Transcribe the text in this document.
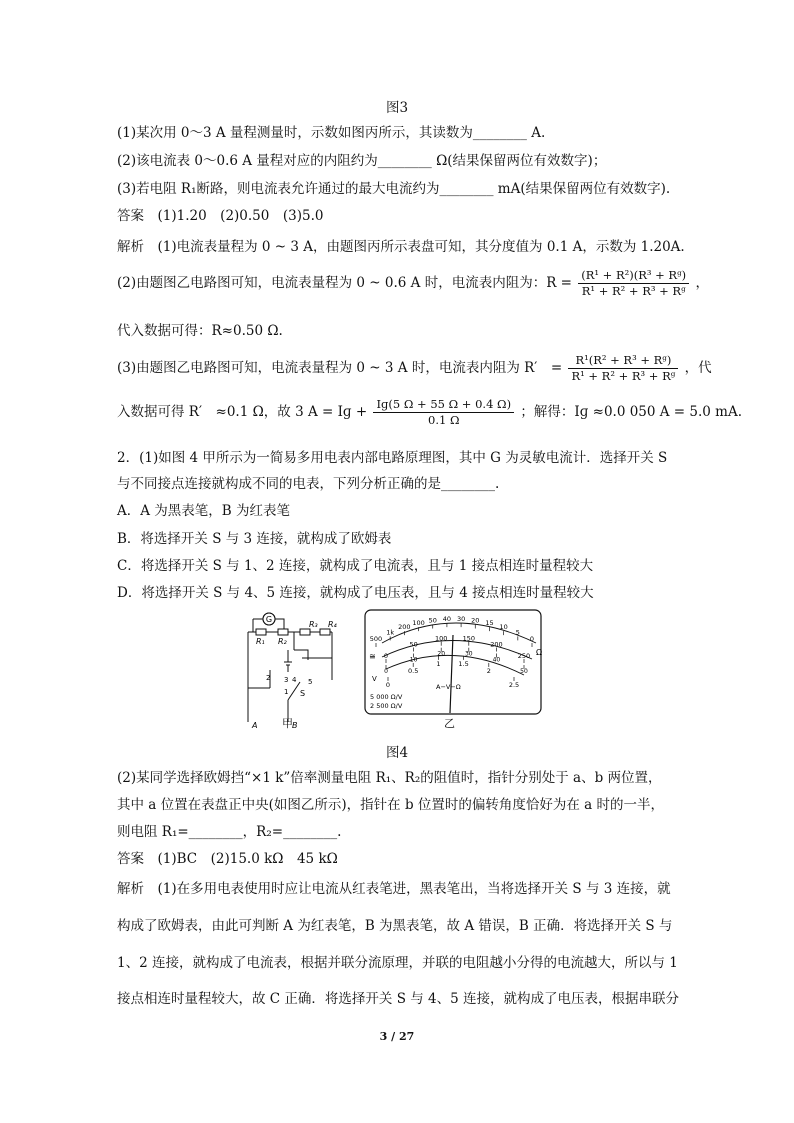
图3
(1)某次用 0～3 A 量程测量时，示数如图丙所示，其读数为________ A.
(2)该电流表 0～0.6 A 量程对应的内阻约为________ Ω(结果保留两位有效数字)；
(3)若电阻 R₁断路，则电流表允许通过的最大电流约为________ mA(结果保留两位有效数字).
答案　(1)1.20　(2)0.50　(3)5.0
解析　(1)电流表量程为 0 ~ 3 A，由题图丙所示表盘可知，其分度值为 0.1 A，示数为 1.20A.
(2)由题图乙电路图可知，电流表量程为 0 ~ 0.6 A 时，电流表内阻为：$R = \frac{\text{(R¹ + R²)(R³ + Rᵍ)}}{\text{R¹ + R² + R³ + Rᵍ}}$ ，
代入数据可得：R≈0.50 Ω.
(3)由题图乙电路图可知，电流表量程为 0 ~ 3 A 时，电流表内阻为 R′　= $\frac{\text{R¹(R² + R³ + Rᵍ)}}{\text{R¹ + R² + R³ + Rᵍ}}$ ，代
入数据可得 R′　≈0.1 Ω，故 3 A = Iɡ + $\frac{\text{Iɡ(5 Ω + 55 Ω + 0.4 Ω)}}{0.1 \Omega}$ ；解得：Iɡ ≈0.0 050 A = 5.0 mA.
2．(1)如图 4 甲所示为一简易多用电表内部电路原理图，其中 G 为灵敏电流计．选择开关 S
与不同接点连接就构成不同的电表，下列分析正确的是________.
A．A 为黑表笔，B 为红表笔
B．将选择开关 S 与 3 连接，就构成了欧姆表
C．将选择开关 S 与 1、2 连接，就构成了电流表，且与 1 接点相连时量程较大
D．将选择开关 S 与 4、5 连接，就构成了电压表，且与 4 接点相连时量程较大
G
R₁ R₂
R₃ R₄
3 4
2
1
5
S
A	B
甲
500
1k
200 100 50 40 30 20 15 10
5
0
0
50
100 150
200
250
0
10
20	30
40
50
0
0.5
1	1.5
2
2.5
Ω
≅
V
A−V−Ω
5 000 Ω/V
2 500 Ω/V
乙
图4
(2)某同学选择欧姆挡“×1 k”倍率测量电阻 R₁、R₂的阻值时，指针分别处于 a、b 两位置，
其中 a 位置在表盘正中央(如图乙所示)，指针在 b 位置时的偏转角度恰好为在 a 时的一半，
则电阻 R₁=________，R₂=________.
答案　(1)BC　(2)15.0 kΩ　45 kΩ
解析　(1)在多用电表使用时应让电流从红表笔进，黑表笔出，当将选择开关 S 与 3 连接，就
构成了欧姆表，由此可判断 A 为红表笔，B 为黑表笔，故 A 错误，B 正确．将选择开关 S 与
1、2 连接，就构成了电流表，根据并联分流原理，并联的电阻越小分得的电流越大，所以与 1
接点相连时量程较大，故 C 正确．将选择开关 S 与 4、5 连接，就构成了电压表，根据串联分
3 / 27
